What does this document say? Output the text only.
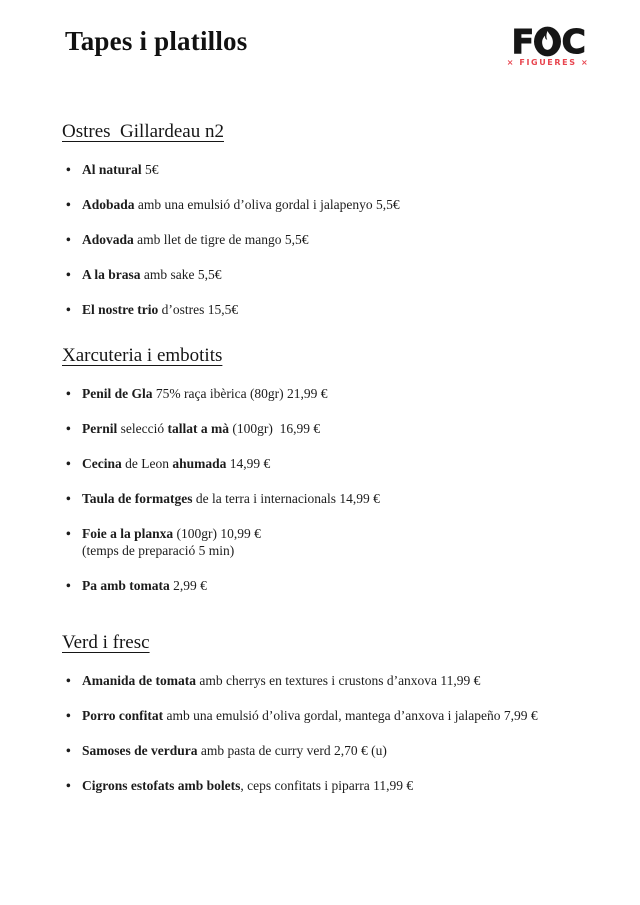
Tapes i platillos	F C
× FIGUERES ×
Ostres  Gillardeau n2
• Al natural 5€
• Adobada amb una emulsió d’oliva gordal i jalapenyo 5,5€
• Adovada amb llet de tigre de mango 5,5€
• A la brasa amb sake 5,5€
• El nostre trio d’ostres 15,5€
Xarcuteria i embotits
• Penil de Gla 75% raça ibèrica (80gr) 21,99 €
• Pernil selecció tallat a mà (100gr)  16,99 €
• Cecina de Leon ahumada 14,99 €
• Taula de formatges de la terra i internacionals 14,99 €
• Foie a la planxa (100gr) 10,99 €
(temps de preparació 5 min)
• Pa amb tomata 2,99 €
Verd i fresc
• Amanida de tomata amb cherrys en textures i crustons d’anxova 11,99 €
• Porro confitat amb una emulsió d’oliva gordal, mantega d’anxova i jalapeño 7,99 €
• Samoses de verdura amb pasta de curry verd 2,70 € (u)
• Cigrons estofats amb bolets, ceps confitats i piparra 11,99 €
